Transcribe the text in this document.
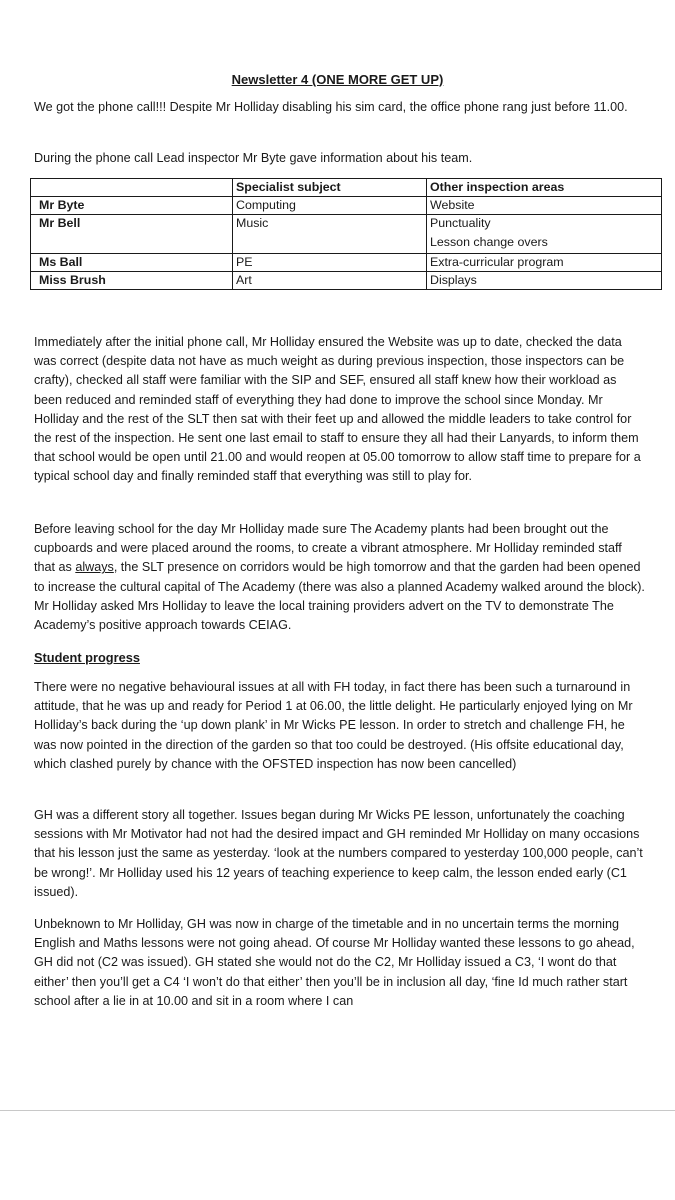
Newsletter 4 (ONE MORE GET UP)

We got the phone call!!! Despite Mr Holliday disabling his sim card, the office phone rang just before 11.00.

During the phone call Lead inspector Mr Byte gave information about his team.

	Specialist subject	Other inspection areas
Mr Byte	Computing	Website
Mr Bell	Music	Punctuality
Lesson change overs

Ms Ball	PE	Extra-curricular program
Miss Brush	Art	Displays

Immediately after the initial phone call, Mr Holliday ensured the Website was up to date, checked the data was correct (despite data not have as much weight as during previous inspection, those inspectors can be crafty), checked all staff were familiar with the SIP and SEF, ensured all staff knew how their workload as been reduced and reminded staff of everything they had done to improve the school since Monday. Mr Holliday and the rest of the SLT then sat with their feet up and allowed the middle leaders to take control for the rest of the inspection. He sent one last email to staff to ensure they all had their Lanyards, to inform them that school would be open until 21.00 and would reopen at 05.00 tomorrow to allow staff time to prepare for a typical school day and finally reminded staff that everything was still to play for.

Before leaving school for the day Mr Holliday made sure The Academy plants had been brought out the cupboards and were placed around the rooms, to create a vibrant atmosphere. Mr Holliday reminded staff that as always, the SLT presence on corridors would be high tomorrow and that the garden had been opened to increase the cultural capital of The Academy (there was also a planned Academy walked around the block). Mr Holliday asked Mrs Holliday to leave the local training providers advert on the TV to demonstrate The Academy’s positive approach towards CEIAG.

Student progress

There were no negative behavioural issues at all with FH today, in fact there has been such a turnaround in attitude, that he was up and ready for Period 1 at 06.00, the little delight. He particularly enjoyed lying on Mr Holliday’s back during the ‘up down plank’ in Mr Wicks PE lesson. In order to stretch and challenge FH, he was now pointed in the direction of the garden so that too could be destroyed. (His offsite educational day, which clashed purely by chance with the OFSTED inspection has now been cancelled)

GH was a different story all together. Issues began during Mr Wicks PE lesson, unfortunately the coaching sessions with Mr Motivator had not had the desired impact and GH reminded Mr Holliday on many occasions that his lesson just the same as yesterday. ‘look at the numbers compared to yesterday 100,000 people, can’t be wrong!’. Mr Holliday used his 12 years of teaching experience to keep calm, the lesson ended early (C1 issued).

Unbeknown to Mr Holliday, GH was now in charge of the timetable and in no uncertain terms the morning English and Maths lessons were not going ahead. Of course Mr Holliday wanted these lessons to go ahead, GH did not (C2 was issued). GH stated she would not do the C2, Mr Holliday issued a C3, ‘I wont do that either’ then you’ll get a C4 ‘I won’t do that either’ then you’ll be in inclusion all day, ‘fine Id much rather start school after a lie in at 10.00 and sit in a room where I can
